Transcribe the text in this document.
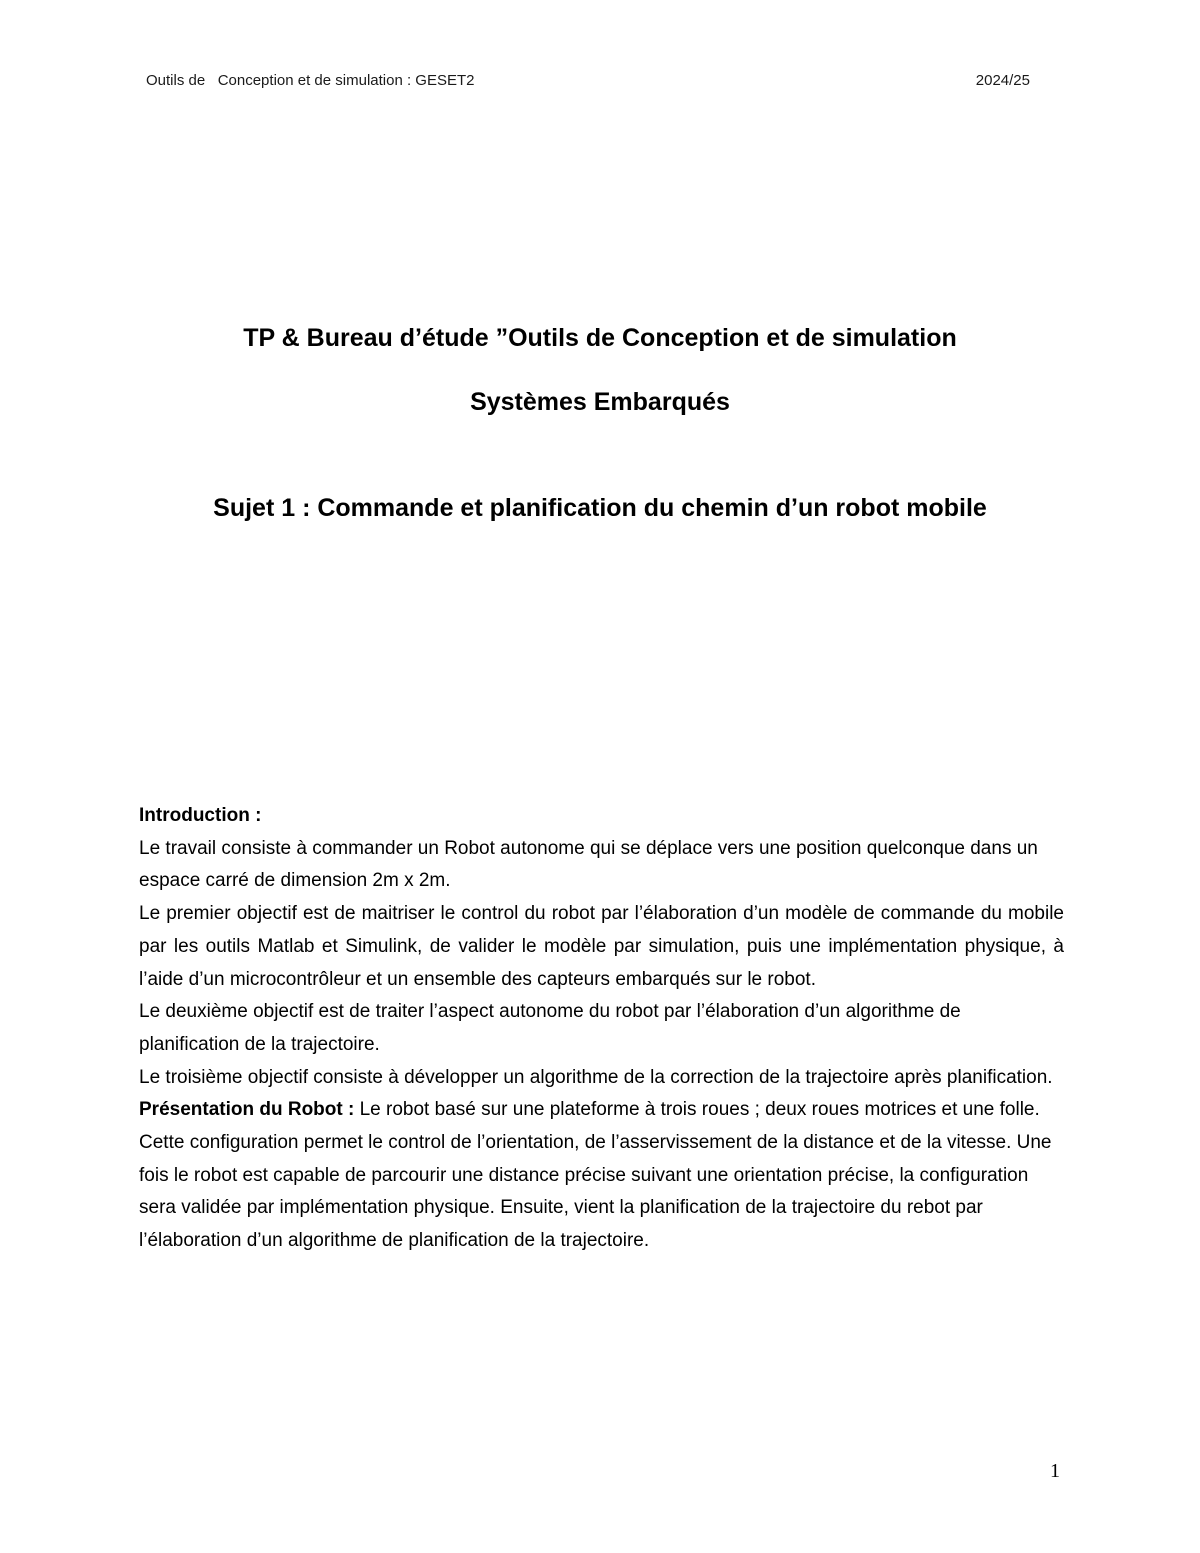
Outils de   Conception et de simulation : GESET2	2024/25
TP & Bureau d’étude ”Outils de Conception et de simulation
Systèmes Embarqués
Sujet 1 : Commande et planification du chemin d’un robot mobile
Introduction :

Le travail consiste à commander un Robot autonome qui se déplace vers une position quelconque dans un espace carré de dimension 2m x 2m.

Le premier objectif est de maitriser le control du robot par l’élaboration d’un modèle de commande du mobile par les outils Matlab et Simulink, de valider le modèle par simulation, puis une implémentation physique, à l’aide d’un microcontrôleur et un ensemble des capteurs embarqués sur le robot.

Le deuxième objectif est de traiter l’aspect autonome du robot par l’élaboration d’un algorithme de planification de la trajectoire.

Le troisième objectif consiste à développer un algorithme de la correction de la trajectoire après planification.

Présentation du Robot : Le robot basé sur une plateforme à trois roues ; deux roues motrices et une folle. Cette configuration permet le control de l’orientation, de l’asservissement de la distance et de la vitesse. Une fois le robot est capable de parcourir une distance précise suivant une orientation précise, la configuration sera validée par implémentation physique. Ensuite, vient la planification de la trajectoire du rebot par l’élaboration d’un algorithme de planification de la trajectoire.

1
